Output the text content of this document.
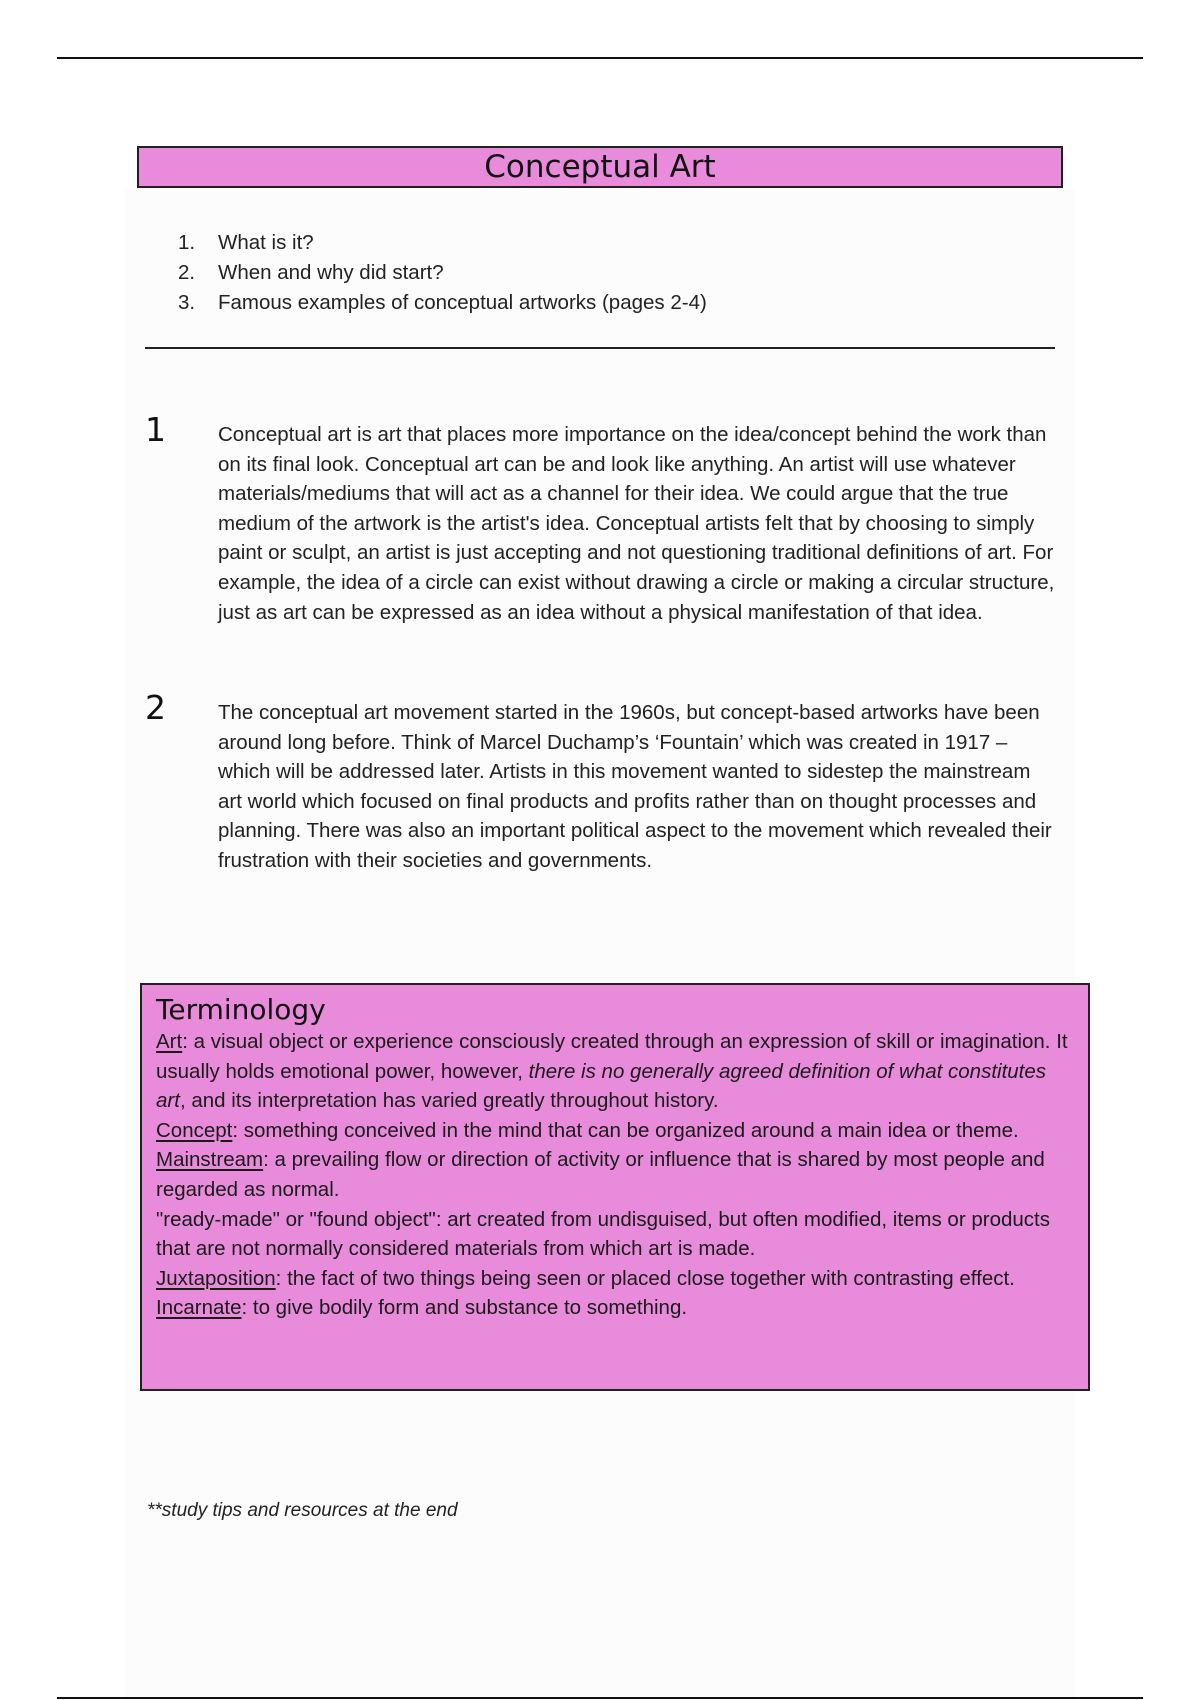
Conceptual Art
1.	What is it?
2.	When and why did start?
3.	Famous examples of conceptual artworks (pages 2-4)
1	Conceptual art is art that places more importance on the idea/concept behind the work than on its final look. Conceptual art can be and look like anything. An artist will use whatever materials/mediums that will act as a channel for their idea. We could argue that the true medium of the artwork is the artist's idea. Conceptual artists felt that by choosing to simply paint or sculpt, an artist is just accepting and not questioning traditional definitions of art. For example, the idea of a circle can exist without drawing a circle or making a circular structure, just as art can be expressed as an idea without a physical manifestation of that idea.
2	The conceptual art movement started in the 1960s, but concept-based artworks have been around long before. Think of Marcel Duchamp’s ‘Fountain’ which was created in 1917 – which will be addressed later. Artists in this movement wanted to sidestep the mainstream art world which focused on final products and profits rather than on thought processes and planning. There was also an important political aspect to the movement which revealed their frustration with their societies and governments.
Terminology
Art: a visual object or experience consciously created through an expression of skill or imagination. It usually holds emotional power, however, there is no generally agreed definition of what constitutes art, and its interpretation has varied greatly throughout history.
Concept: something conceived in the mind that can be organized around a main idea or theme.
Mainstream: a prevailing flow or direction of activity or influence that is shared by most people and regarded as normal.
"ready-made" or "found object": art created from undisguised, but often modified, items or products that are not normally considered materials from which art is made.
Juxtaposition: the fact of two things being seen or placed close together with contrasting effect.
Incarnate: to give bodily form and substance to something.
**study tips and resources at the end
